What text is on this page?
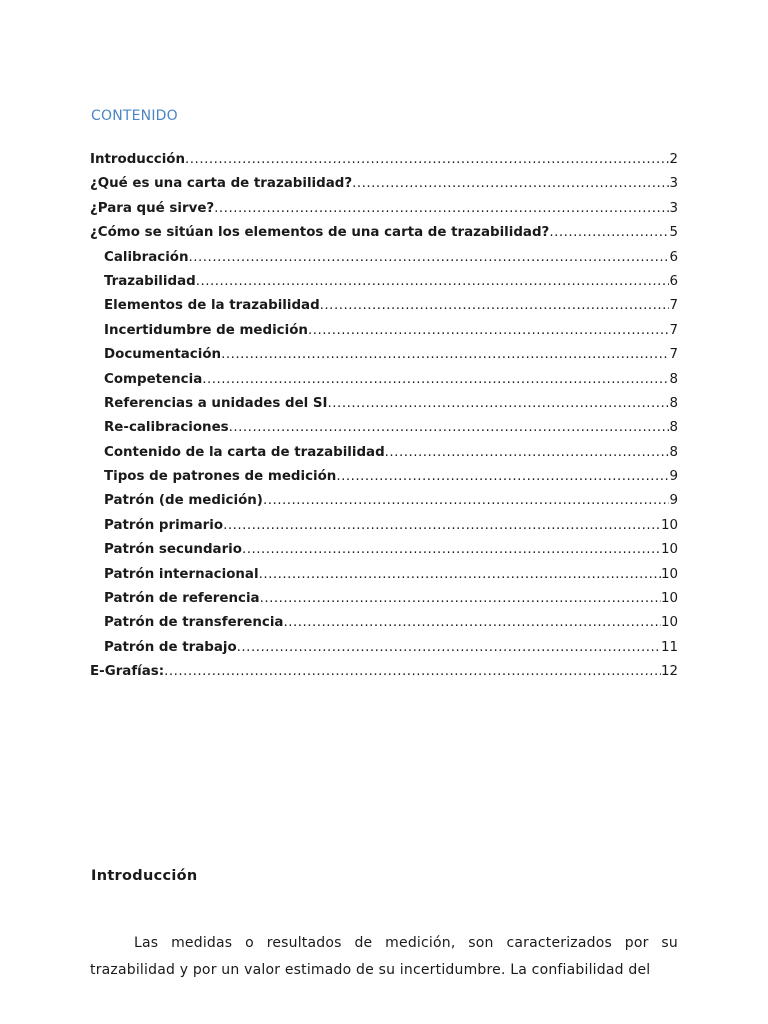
CONTENIDO
Introducción .....	2
¿Qué es una carta de trazabilidad? .....	3
¿Para qué sirve? .....	3
¿Cómo se sitúan los elementos de una carta de trazabilidad? .....	5
Calibración .....	6
Trazabilidad .....	6
Elementos de la trazabilidad .....	7
Incertidumbre de medición .....	7
Documentación .....	7
Competencia .....	8
Referencias a unidades del SI .....	8
Re-calibraciones .....	8
Contenido de la carta de trazabilidad .....	8
Tipos de patrones de medición .....	9
Patrón (de medición) .....	9
Patrón primario .....	10
Patrón secundario .....	10
Patrón internacional .....	10
Patrón de referencia .....	10
Patrón de transferencia .....	10
Patrón de trabajo .....	11
E-Grafías: .....	12
Introducción

Las medidas o resultados de medición, son caracterizados por su trazabilidad y por un valor estimado de su incertidumbre. La confiabilidad del
